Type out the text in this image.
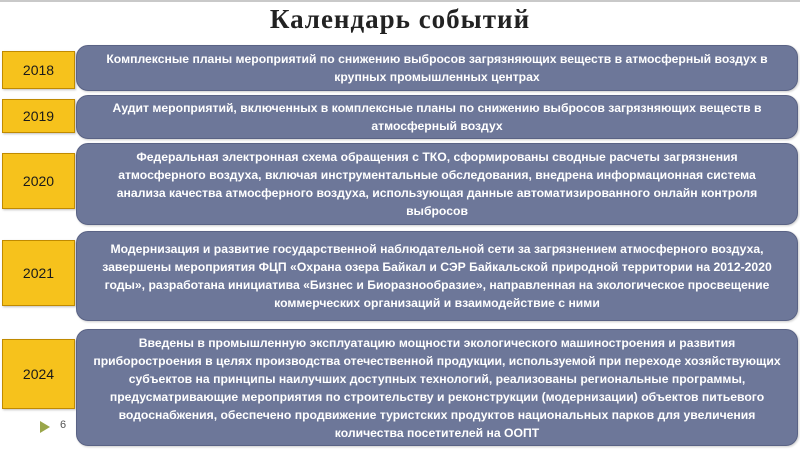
Календарь событий
2018
Комплексные планы мероприятий по снижению выбросов загрязняющих веществ в атмосферный воздух в крупных промышленных центрах
2019	Аудит мероприятий, включенных в комплексные планы по снижению выбросов загрязняющих веществ в атмосферный воздух
2020
Федеральная электронная схема обращения с ТКО, сформированы сводные расчеты загрязнения атмосферного воздуха, включая инструментальные обследования, внедрена информационная система анализа качества атмосферного воздуха, использующая данные автоматизированного онлайн контроля выбросов
2021
Модернизация и развитие государственной наблюдательной сети за загрязнением атмосферного воздуха, завершены мероприятия ФЦП «Охрана озера Байкал и СЭР Байкальской природной территории на 2012-2020 годы», разработана инициатива «Бизнес и Биоразнообразие», направленная на экологическое просвещение коммерческих организаций и взаимодействие с ними
2024
Введены в промышленную эксплуатацию мощности экологического машиностроения и развития приборостроения в целях производства отечественной продукции, используемой при переходе хозяйствующих субъектов на принципы наилучших доступных технологий, реализованы региональные программы, предусматривающие мероприятия по строительству и реконструкции (модернизации) объектов питьевого водоснабжения, обеспечено продвижение туристских продуктов национальных парков для увеличения количества посетителей на ООПТ
6
